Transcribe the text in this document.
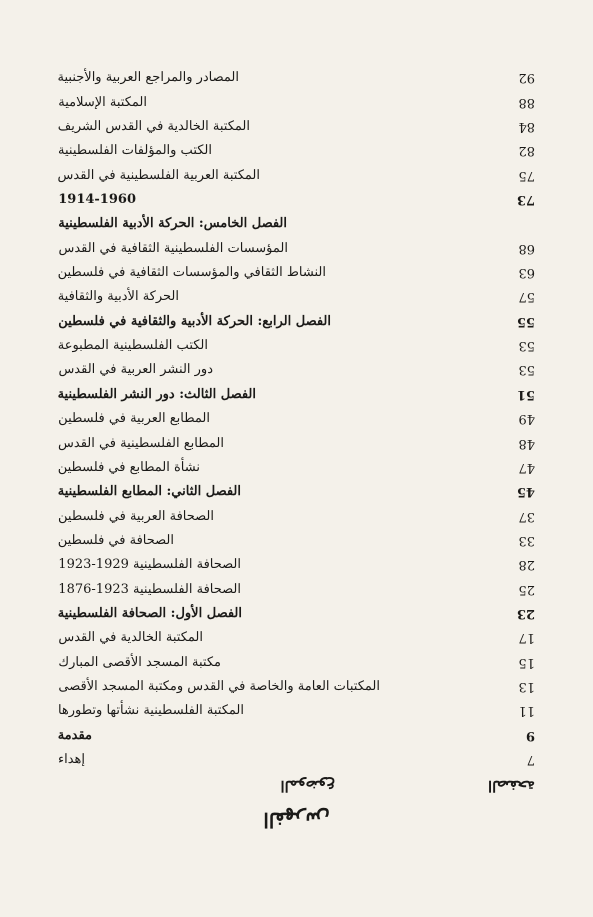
الفهرس
الصفحة
الموضوع
7
إهداء
9
مقدمة
11
المكتبة الفلسطينية نشأتها وتطورها
13
المكتبات العامة والخاصة في القدس ومكتبة المسجد الأقصى
15
مكتبة المسجد الأقصى المبارك
17
المكتبة الخالدية في القدس
23
الفصل الأول: الصحافة الفلسطينية
25
الصحافة الفلسطينية 1923-1876
28
الصحافة الفلسطينية 1929-1923
33
الصحافة في فلسطين
37
الصحافة العربية في فلسطين
45
الفصل الثاني: المطابع الفلسطينية
47
نشأة المطابع في فلسطين
48
المطابع الفلسطينية في القدس
49
المطابع العربية في فلسطين
51
الفصل الثالث: دور النشر الفلسطينية
53
دور النشر العربية في القدس
53
الكتب الفلسطينية المطبوعة
55
الفصل الرابع: الحركة الأدبية والثقافية في فلسطين
57
الحركة الأدبية والثقافية
63
النشاط الثقافي والمؤسسات الثقافية في فلسطين
68
المؤسسات الفلسطينية الثقافية في القدس
الفصل الخامس: الحركة الأدبية الفلسطينية
73
1914-1960
75
المكتبة العربية الفلسطينية في القدس
82
الكتب والمؤلفات الفلسطينية
84
المكتبة الخالدية في القدس الشريف
88
المكتبة الإسلامية
92
المصادر والمراجع العربية والأجنبية
